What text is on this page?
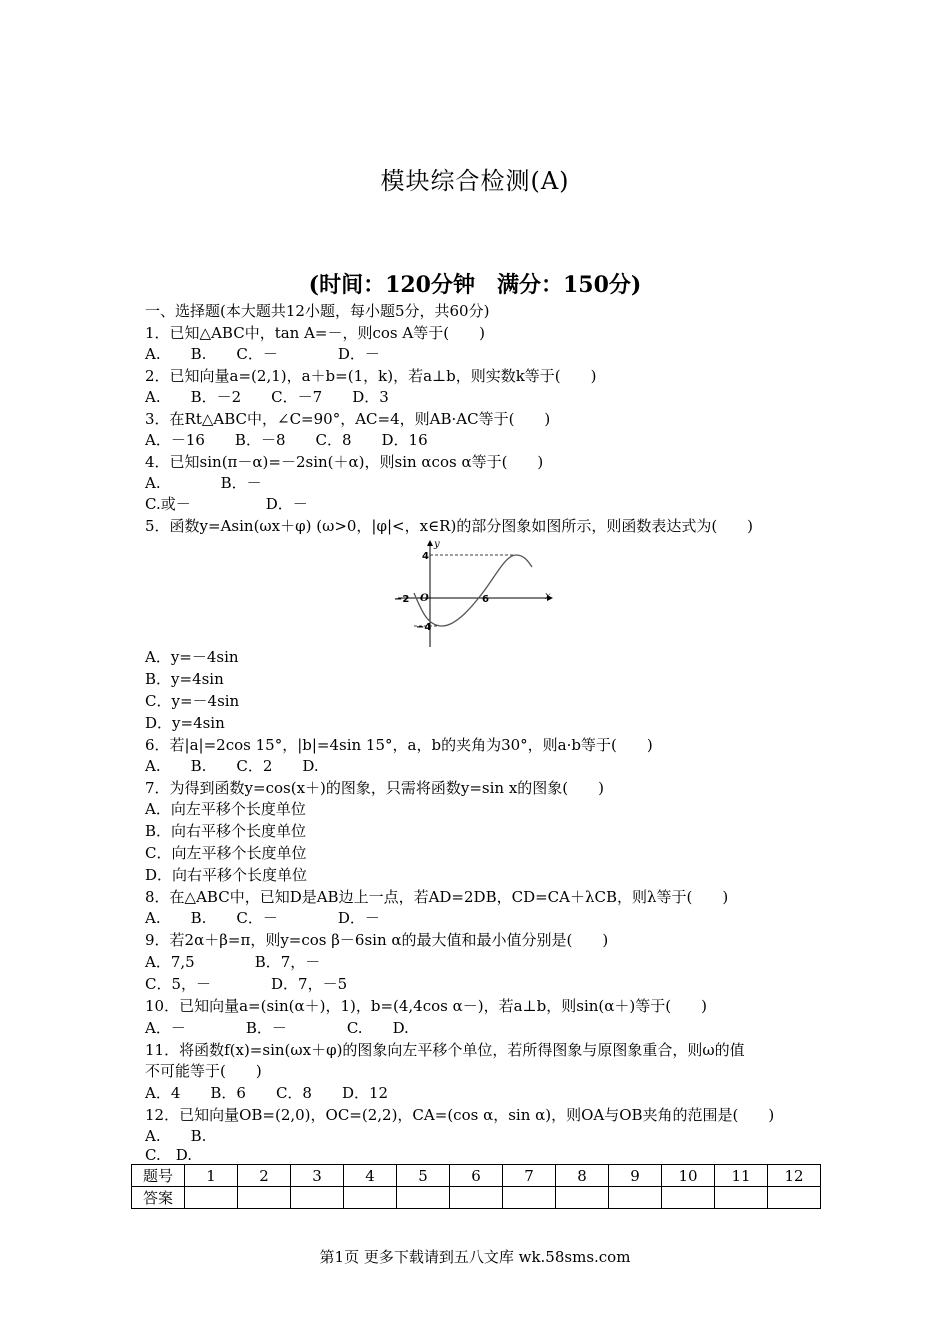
模块综合检测(A)
(时间：120分钟　满分：150分)
一、选择题(本大题共12小题，每小题5分，共60分)
1．已知△ABC中，tan A=－，则cos A等于(　　)
A.　　B.　　C．－　　　　D．－
2．已知向量a=(2,1)，a＋b=(1，k)，若a⊥b，则实数k等于(　　)
A.　　B．－2　　C．－7　　D．3
3．在Rt△ABC中，∠C=90°，AC=4，则AB·AC等于(　　)
A．－16　　B．－8　　C．8　　D．16
4．已知sin(π－α)=－2sin(＋α)，则sin αcos α等于(　　)
A.　　　　B．－
C.或－　　　　　D．－
5．函数y=Asin(ωx＋φ) (ω>0，|φ|<，x∈R)的部分图象如图所示，则函数表达式为(　　)
y
x
4
−2 O	6
−4
A．y=－4sin
B．y=4sin
C．y=－4sin
D．y=4sin
6．若|a|=2cos 15°，|b|=4sin 15°，a，b的夹角为30°，则a·b等于(　　)
A.　　B.　　C．2　　D.
7．为得到函数y=cos(x＋)的图象，只需将函数y=sin x的图象(　　)
A．向左平移个长度单位
B．向右平移个长度单位
C．向左平移个长度单位
D．向右平移个长度单位
8．在△ABC中，已知D是AB边上一点，若AD=2DB，CD=CA＋λCB，则λ等于(　　)
A.　　B.　　C．－　　　　D．－
9．若2α＋β=π，则y=cos β－6sin α的最大值和最小值分别是(　　)
A．7,5　　　　B．7，－
C．5，－　　　　D．7，－5
10．已知向量a=(sin(α＋)，1)，b=(4,4cos α－)，若a⊥b，则sin(α＋)等于(　　)
A．－　　　　B．－　　　　C.　　D.
11．将函数f(x)=sin(ωx＋φ)的图象向左平移个单位，若所得图象与原图象重合，则ω的值
不可能等于(　　)
A．4　　B．6　　C．8　　D．12
12．已知向量OB=(2,0)，OC=(2,2)，CA=(cos α，sin α)，则OA与OB夹角的范围是(　　)
A.　　B.
C.　D.
题号	1	2	3	4	5	6	7	8	9	10	11	12
答案												
第1页 更多下载请到五八文库 wk.58sms.com
